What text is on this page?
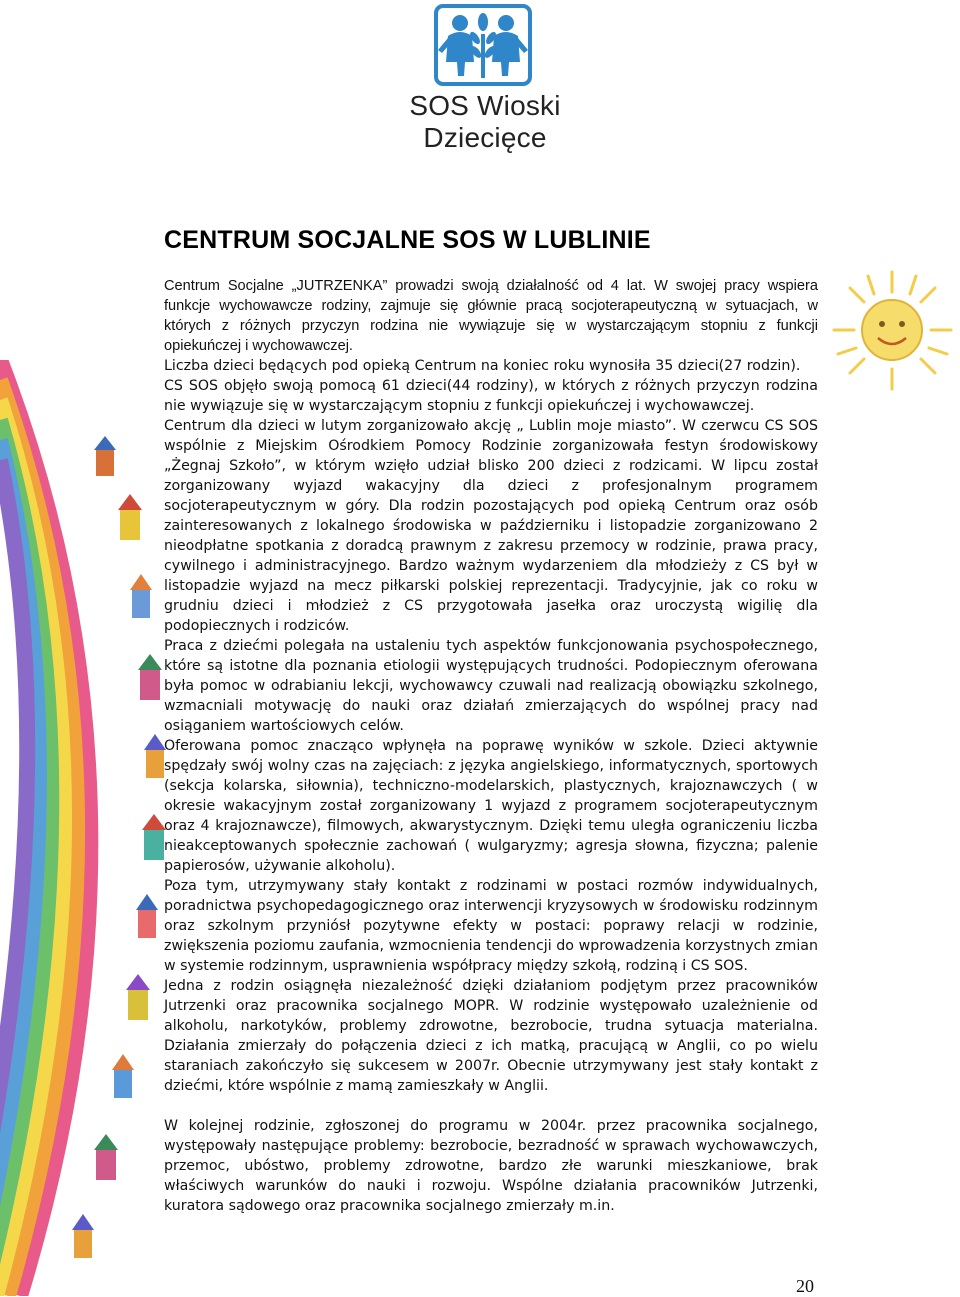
SOS Wioski Dziecięce
CENTRUM SOCJALNE SOS W LUBLINIE

Centrum Socjalne „JUTRZENKA” prowadzi swoją działalność od 4 lat. W swojej pracy wspiera funkcje wychowawcze rodziny, zajmuje się głównie pracą socjoterapeutyczną w sytuacjach, w których z różnych przyczyn rodzina nie wywiązuje się w wystarczającym stopniu z funkcji opiekuńczej i wychowawczej.

Liczba dzieci będących pod opieką Centrum na koniec roku wynosiła 35 dzieci(27 rodzin).

CS SOS objęło swoją pomocą 61 dzieci(44 rodziny), w których z różnych przyczyn rodzina nie wywiązuje się w wystarczającym stopniu z funkcji opiekuńczej i wychowawczej.

Centrum dla dzieci w lutym zorganizowało akcję „ Lublin moje miasto”. W czerwcu CS SOS wspólnie z Miejskim Ośrodkiem Pomocy Rodzinie zorganizowała festyn środowiskowy „Żegnaj Szkoło”, w którym wzięło udział blisko 200 dzieci z rodzicami. W lipcu został zorganizowany wyjazd wakacyjny dla dzieci z profesjonalnym programem socjoterapeutycznym w góry. Dla rodzin pozostających pod opieką Centrum oraz osób zainteresowanych z lokalnego środowiska w październiku i listopadzie zorganizowano 2 nieodpłatne spotkania z doradcą prawnym z zakresu przemocy w rodzinie, prawa pracy, cywilnego i administracyjnego. Bardzo ważnym wydarzeniem dla młodzieży z CS był w listopadzie wyjazd na mecz piłkarski polskiej reprezentacji. Tradycyjnie, jak co roku w grudniu dzieci i młodzież z CS przygotowała jasełka oraz uroczystą wigilię dla podopiecznych i rodziców.

Praca z dziećmi polegała na ustaleniu tych aspektów funkcjonowania psychospołecznego, które są istotne dla poznania etiologii występujących trudności. Podopiecznym oferowana była pomoc w odrabianiu lekcji, wychowawcy czuwali nad realizacją obowiązku szkolnego, wzmacniali motywację do nauki oraz działań zmierzających do wspólnej pracy nad osiąganiem wartościowych celów.

Oferowana pomoc znacząco wpłynęła na poprawę wyników w szkole. Dzieci aktywnie spędzały swój wolny czas na zajęciach: z języka angielskiego, informatycznych, sportowych (sekcja kolarska, siłownia), techniczno-modelarskich, plastycznych, krajoznawczych ( w okresie wakacyjnym został zorganizowany 1 wyjazd z programem socjoterapeutycznym oraz 4 krajoznawcze), filmowych, akwarystycznym. Dzięki temu uległa ograniczeniu liczba nieakceptowanych społecznie zachowań ( wulgaryzmy; agresja słowna, fizyczna; palenie papierosów, używanie alkoholu).

Poza tym, utrzymywany stały kontakt z rodzinami w postaci rozmów indywidualnych, poradnictwa psychopedagogicznego oraz interwencji kryzysowych w środowisku rodzinnym oraz szkolnym przyniósł pozytywne efekty w postaci: poprawy relacji w rodzinie, zwiększenia poziomu zaufania, wzmocnienia tendencji do wprowadzenia korzystnych zmian w systemie rodzinnym, usprawnienia współpracy między szkołą, rodziną i CS SOS.

Jedna z rodzin osiągnęła niezależność dzięki działaniom podjętym przez pracowników Jutrzenki oraz pracownika socjalnego MOPR. W rodzinie występowało uzależnienie od alkoholu, narkotyków, problemy zdrowotne, bezrobocie, trudna sytuacja materialna. Działania zmierzały do połączenia dzieci z ich matką, pracującą w Anglii, co po wielu staraniach zakończyło się sukcesem w 2007r. Obecnie utrzymywany jest stały kontakt z dziećmi, które wspólnie z mamą zamieszkały w Anglii.

W kolejnej rodzinie, zgłoszonej do programu w 2004r. przez pracownika socjalnego, występowały następujące problemy: bezrobocie, bezradność w sprawach wychowawczych, przemoc, ubóstwo, problemy zdrowotne, bardzo złe warunki mieszkaniowe, brak właściwych warunków do nauki i rozwoju. Wspólne działania pracowników Jutrzenki, kuratora sądowego oraz pracownika socjalnego zmierzały m.in.

20
